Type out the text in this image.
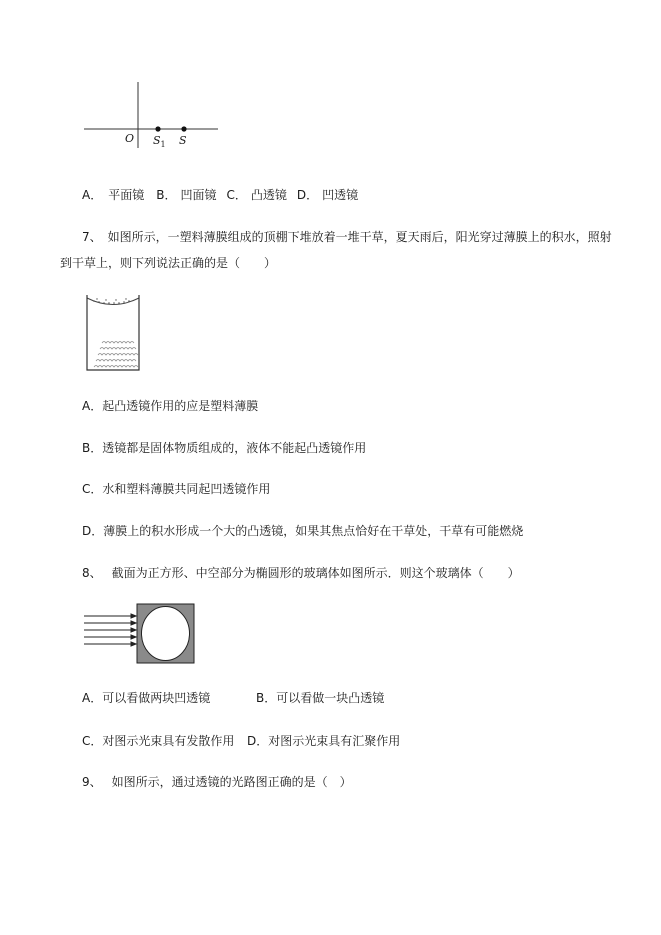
O $S_1$ S
A． 平面镜 B． 凹面镜 C． 凸透镜 D． 凹透镜
7、 如图所示，一塑料薄膜组成的顶棚下堆放着一堆干草，夏天雨后，阳光穿过薄膜上的积水，照射
到干草上，则下列说法正确的是（　　）
A．起凸透镜作用的应是塑料薄膜
B．透镜都是固体物质组成的，液体不能起凸透镜作用
C．水和塑料薄膜共同起凹透镜作用
D．薄膜上的积水形成一个大的凸透镜，如果其焦点恰好在干草处，干草有可能燃烧
8、 截面为正方形、中空部分为椭圆形的玻璃体如图所示．则这个玻璃体（　　）
A．可以看做两块凹透镜	B．可以看做一块凸透镜
C．对图示光束具有发散作用 D．对图示光束具有汇聚作用
9、 如图所示，通过透镜的光路图正确的是（　）
